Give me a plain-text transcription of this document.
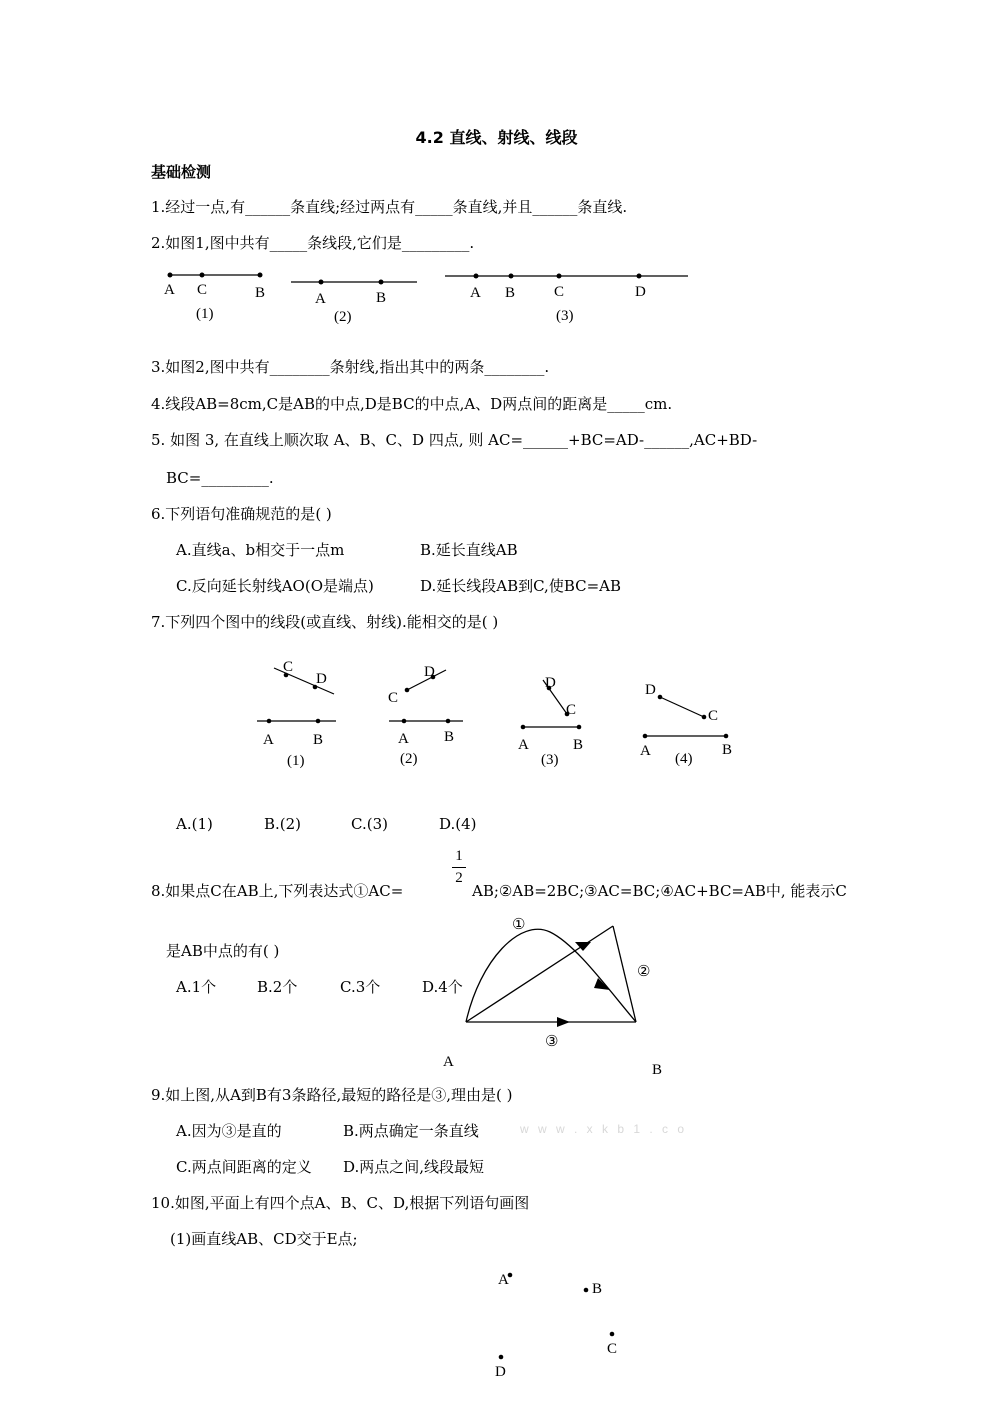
4.2 直线、射线、线段
基础检测
1.经过一点,有______条直线;经过两点有_____条直线,并且______条直线.
2.如图1,图中共有_____条线段,它们是_________.
A C	B
(1)
A	B
(2)
A B	C	D
(3)
3.如图2,图中共有________条射线,指出其中的两条________.
4.线段AB=8cm,C是AB的中点,D是BC的中点,A、D两点间的距离是_____cm.
5. 如图 3, 在直线上顺次取 A、B、C、D 四点, 则 AC=______+BC=AD-______,AC+BD-
BC=_________.
6.下列语句准确规范的是( )
A.直线a、b相交于一点m	B.延长直线AB
C.反向延长射线AO(O是端点)	D.延长线段AB到C,使BC=AB
7.下列四个图中的线段(或直线、射线).能相交的是( )
C
D
A	B
(1)
D
C
A B
(2)
D
C
A	B
(3)
D
C
A	B
(4)
A.(1)	B.(2)	C.(3)	D.(4)
8.如果点C在AB上,下列表达式①AC=
1
2
AB;②AB=2BC;③AC=BC;④AC+BC=AB中, 能表示C
是AB中点的有( )
A.1个	B.2个	C.3个	D.4个
①
②
③
A	B
9.如上图,从A到B有3条路径,最短的路径是③,理由是( )
A.因为③是直的	B.两点确定一条直线	w w w . x k b 1 . c o
C.两点间距离的定义 D.两点之间,线段最短
10.如图,平面上有四个点A、B、C、D,根据下列语句画图
(1)画直线AB、CD交于E点;
A
B
C
D
